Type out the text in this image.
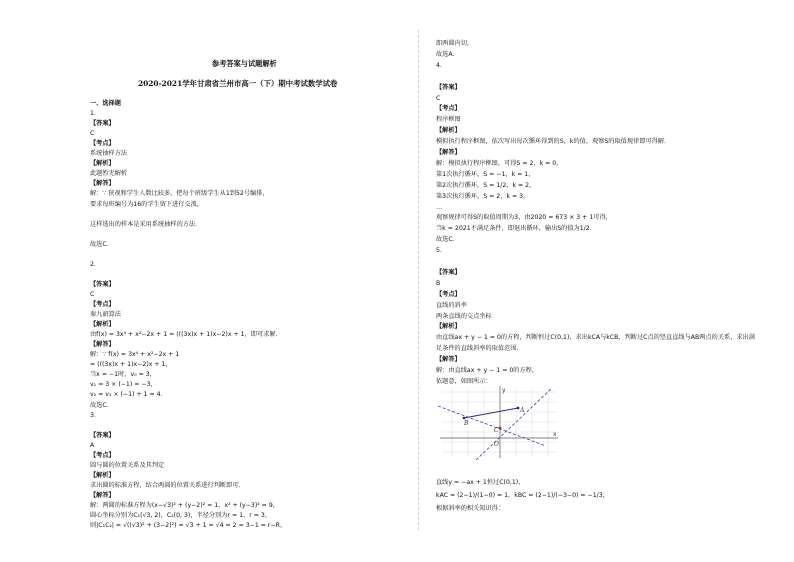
参考答案与试题解析
2020-2021学年甘肃省兰州市高一（下）期中考试数学试卷
一、选择题
1.
【答案】
C
【考点】
系统抽样方法
【解析】
此题暂无解析
【解答】
解：∵ 狭视和学生人数比较多，把每个班级学生从1到52号编排，
要求每班编号为16的学生留下进行交流，
这样选出的样本是采用系统抽样的方法．
故选C．
2.
【答案】
C
【考点】
秦九韶算法
【解析】
由f(x) = 3x⁴ + x²−2x + 1 = (((3x)x + 1)x−2)x + 1，即可求解．
【解答】
解：∵ f(x) = 3x⁴ + x²−2x + 1
= (((3x)x + 1)x−2)x + 1，
当x = −1时，v₀ = 3，
v₁ = 3 × (−1) = −3，
v₂ = v₁ × (−1) + 1 = 4．
故选C．
3.
【答案】
A
【考点】
圆与圆的位置关系及其判定
【解析】
求出圆的标准方程，结合两圆的位置关系进行判断即可．
【解答】
解：两圆的标准方程为(x−√3)² + (y−2)² = 1，x² + (y−3)² = 9，
圆心坐标分别为C₁(√3, 2)，C₂(0, 3)，半径分别为r = 1，r = 3，
则|C₁C₂| = √((√3)² + (3−2)²) = √3 + 1 = √4 = 2 = 3−1 = r−R，
即两圆内切，
故选A．
4.
【答案】
C
【考点】
程序框图
【解析】
模拟执行程序框图，依次写出每次循环得到的S，k的值，观察S的取值规律即可得解．
【解答】
解：模拟执行程序框图，可得S = 2，k = 0，
第1次执行循环，S = −1，k = 1，
第2次执行循环，S = 1/2，k = 2，
第3次执行循环，S = 2，k = 3，
…
观察规律可得S的取值周期为3，由2020 = 673 × 3 + 1可得，
当k = 2021不满足条件，即退出循环，输出S的值为1/2．
故选C．
5.
【答案】
B
【考点】
直线的斜率
两条直线的交点坐标
【解析】
由直线ax + y − 1 = 0的方程，判断恒过C(0,1)，求出kCA与kCB，判断过C点的竖直直线与AB两点的关系，求出满
足条件的直线斜率的取值范围．
【解答】
解：由直线ax + y − 1 = 0的方程，
依题意，如图所示：
直线y = −ax + 1恒过C(0,1)，
kAC = (2−1)/(1−0) = 1，kBC = (2−1)/(−3−0) = −1/3，
根据斜率的相关知识得：
y
A
B
C
O
x
